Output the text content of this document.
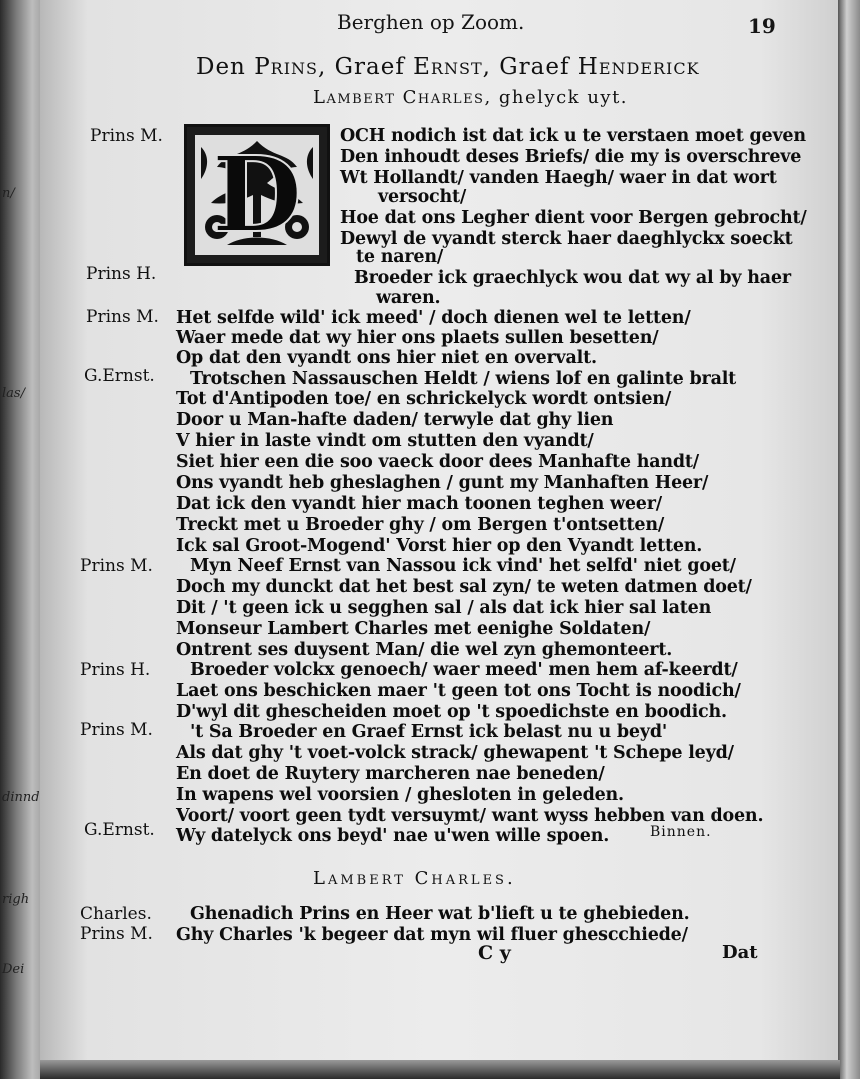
n/
las/
dinnd
righ
Dei
Berghen op Zoom.	19
Den Prins, Graef Ernst, Graef Henderick
Lambert Charles, ghelyck uyt.
D
Prins M.
Prins H.
Prins M.
G.Ernst.
Prins M.
Prins H.
Prins M.
G.Ernst.
Charles.
Prins M.
OCH nodich ist dat ick u te verstaen moet geven
Den inhoudt deses Briefs/ die my is overschreve
Wt Hollandt/ vanden Haegh/ waer in dat wort
versocht/
Hoe dat ons Legher dient voor Bergen gebrocht/
Dewyl de vyandt sterck haer daeghlyckx soeckt
te naren/
Broeder ick graechlyck wou dat wy al by haer
waren.
Het selfde wild' ick meed' / doch dienen wel te letten/
Waer mede dat wy hier ons plaets sullen besetten/
Op dat den vyandt ons hier niet en overvalt.
Trotschen Nassauschen Heldt / wiens lof en galinte bralt
Tot d'Antipoden toe/ en schrickelyck wordt ontsien/
Door u Man-hafte daden/ terwyle dat ghy lien
V hier in laste vindt om stutten den vyandt/
Siet hier een die soo vaeck door dees Manhafte handt/
Ons vyandt heb gheslaghen / gunt my Manhaften Heer/
Dat ick den vyandt hier mach toonen teghen weer/
Treckt met u Broeder ghy / om Bergen t'ontsetten/
Ick sal Groot-Mogend' Vorst hier op den Vyandt letten.
Myn Neef Ernst van Nassou ick vind' het selfd' niet goet/
Doch my dunckt dat het best sal zyn/ te weten datmen doet/
Dit / 't geen ick u segghen sal / als dat ick hier sal laten
Monseur Lambert Charles met eenighe Soldaten/
Ontrent ses duysent Man/ die wel zyn ghemonteert.
Broeder volckx genoech/ waer meed' men hem af-keerdt/
Laet ons beschicken maer 't geen tot ons Tocht is noodich/
D'wyl dit ghescheiden moet op 't spoedichste en boodich.
't Sa Broeder en Graef Ernst ick belast nu u beyd'
Als dat ghy 't voet-volck strack/ ghewapent 't Schepe leyd/
En doet de Ruytery marcheren nae beneden/
In wapens wel voorsien / ghesloten in geleden.
Voort/ voort geen tydt versuymt/ want wyss hebben van doen.
Wy datelyck ons beyd' nae u'wen wille spoen.
Ghenadich Prins en Heer wat b'lieft u te ghebieden.
Ghy Charles 'k begeer dat myn wil fluer ghescchiede/
Binnen.
Lambert Charles.
C y	Dat
